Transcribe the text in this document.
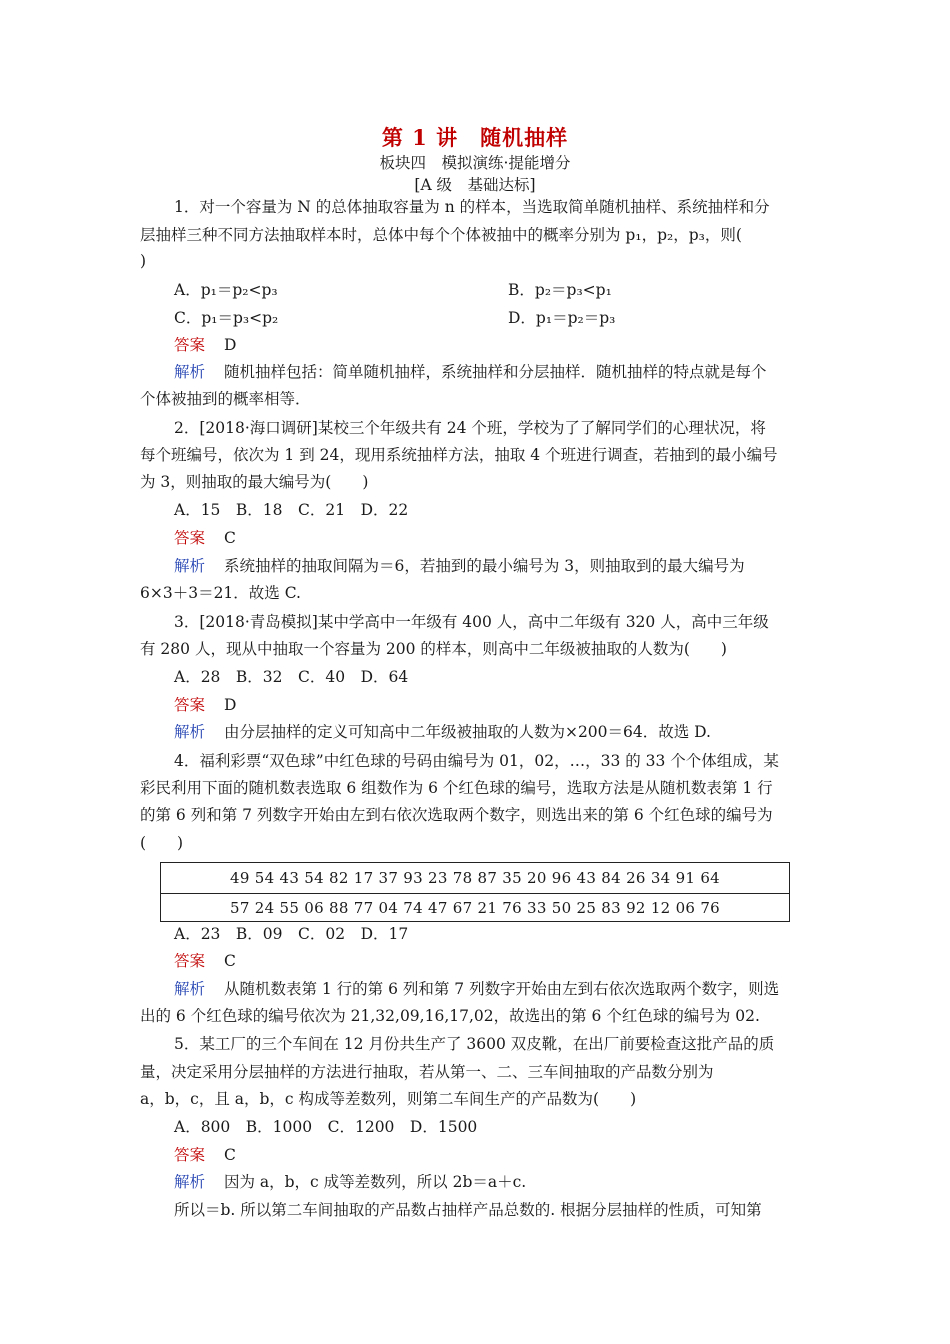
第 1 讲　随机抽样
板块四　模拟演练·提能增分
[A 级　基础达标]
1．对一个容量为 N 的总体抽取容量为 n 的样本，当选取简单随机抽样、系统抽样和分
层抽样三种不同方法抽取样本时，总体中每个个体被抽中的概率分别为 p₁，p₂，p₃，则(
)
A．p₁＝p₂<p₃	B．p₂＝p₃<p₁
C．p₁＝p₃<p₂	D．p₁＝p₂＝p₃
答案 D
解析 随机抽样包括：简单随机抽样，系统抽样和分层抽样．随机抽样的特点就是每个
个体被抽到的概率相等．
2．[2018·海口调研]某校三个年级共有 24 个班，学校为了了解同学们的心理状况，将
每个班编号，依次为 1 到 24，现用系统抽样方法，抽取 4 个班进行调查，若抽到的最小编号
为 3，则抽取的最大编号为(　　)
A．15　B．18　C．21　D．22
答案 C
解析 系统抽样的抽取间隔为＝6，若抽到的最小编号为 3，则抽取到的最大编号为
6×3＋3＝21．故选 C.
3．[2018·青岛模拟]某中学高中一年级有 400 人，高中二年级有 320 人，高中三年级
有 280 人，现从中抽取一个容量为 200 的样本，则高中二年级被抽取的人数为(　　)
A．28　B．32　C．40　D．64
答案 D
解析 由分层抽样的定义可知高中二年级被抽取的人数为×200＝64．故选 D.
4．福利彩票“双色球”中红色球的号码由编号为 01，02，…，33 的 33 个个体组成，某
彩民利用下面的随机数表选取 6 组数作为 6 个红色球的编号，选取方法是从随机数表第 1 行
的第 6 列和第 7 列数字开始由左到右依次选取两个数字，则选出来的第 6 个红色球的编号为
(　　)
49 54 43 54 82 17 37 93 23 78 87 35 20 96 43 84 26 34 91 64
57 24 55 06 88 77 04 74 47 67 21 76 33 50 25 83 92 12 06 76
A．23　B．09　C．02　D．17
答案 C
解析 从随机数表第 1 行的第 6 列和第 7 列数字开始由左到右依次选取两个数字，则选
出的 6 个红色球的编号依次为 21,32,09,16,17,02，故选出的第 6 个红色球的编号为 02.
5．某工厂的三个车间在 12 月份共生产了 3600 双皮靴，在出厂前要检查这批产品的质
量，决定采用分层抽样的方法进行抽取，若从第一、二、三车间抽取的产品数分别为
a，b，c，且 a，b，c 构成等差数列，则第二车间生产的产品数为(　　)
A．800　B．1000　C．1200　D．1500
答案 C
解析 因为 a，b，c 成等差数列，所以 2b＝a＋c.
所以＝b. 所以第二车间抽取的产品数占抽样产品总数的. 根据分层抽样的性质，可知第
